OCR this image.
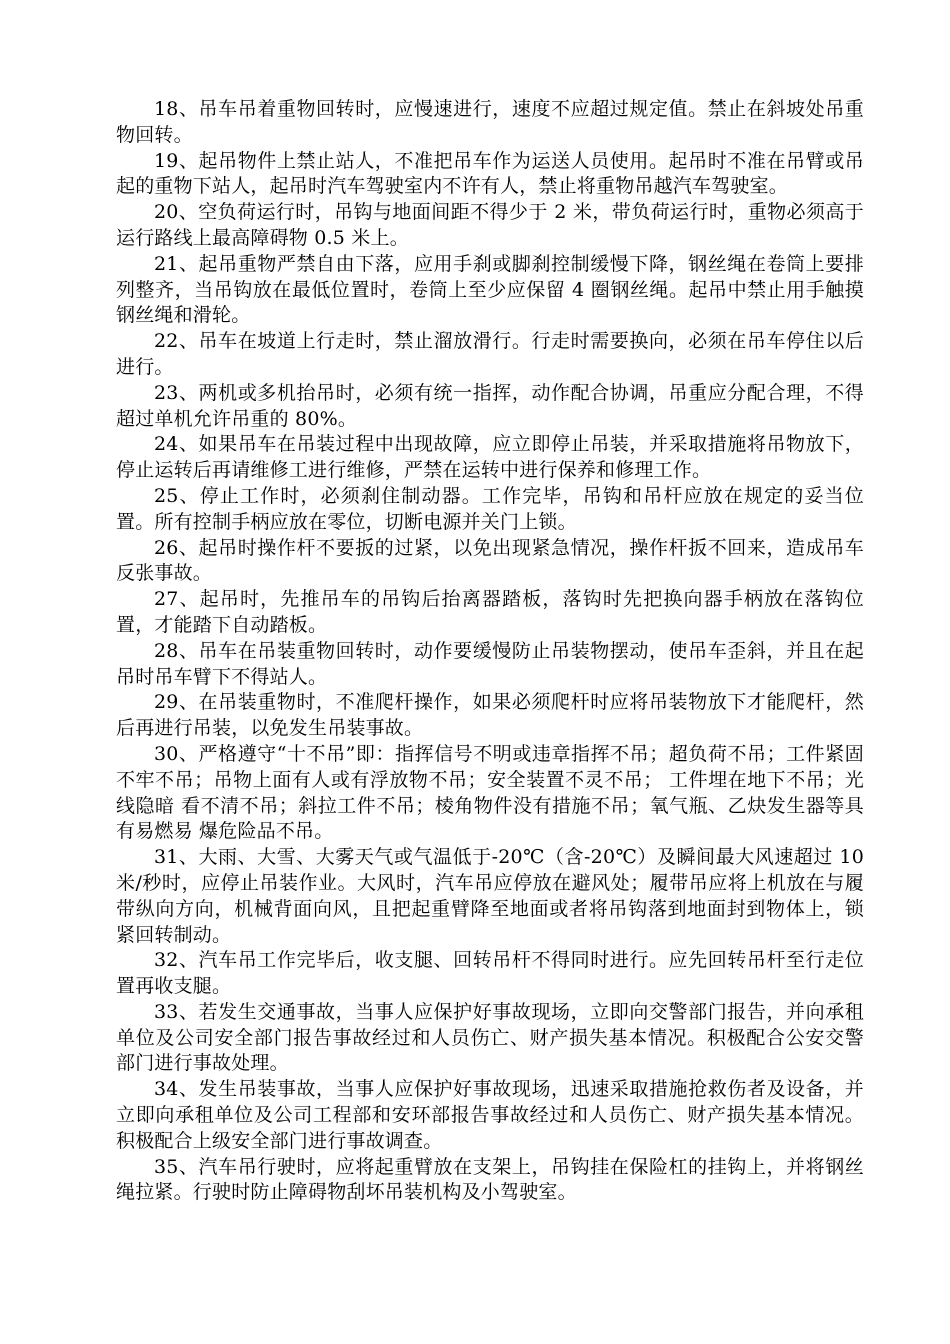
18、吊车吊着重物回转时，应慢速进行，速度不应超过规定值。禁止在斜坡处吊重物回转。

19、起吊物件上禁止站人，不准把吊车作为运送人员使用。起吊时不准在吊臂或吊起的重物下站人，起吊时汽车驾驶室内不许有人，禁止将重物吊越汽车驾驶室。

20、空负荷运行时，吊钩与地面间距不得少于 2 米，带负荷运行时，重物必须高于运行路线上最高障碍物 0.5 米上。

21、起吊重物严禁自由下落，应用手刹或脚刹控制缓慢下降，钢丝绳在卷筒上要排列整齐，当吊钩放在最低位置时，卷筒上至少应保留 4 圈钢丝绳。起吊中禁止用手触摸钢丝绳和滑轮。

22、吊车在坡道上行走时，禁止溜放滑行。行走时需要换向，必须在吊车停住以后进行。

23、两机或多机抬吊时，必须有统一指挥，动作配合协调，吊重应分配合理，不得超过单机允许吊重的 80%。

24、如果吊车在吊装过程中出现故障，应立即停止吊装，并采取措施将吊物放下，停止运转后再请维修工进行维修，严禁在运转中进行保养和修理工作。

25、停止工作时，必须刹住制动器。工作完毕，吊钩和吊杆应放在规定的妥当位置。所有控制手柄应放在零位，切断电源并关门上锁。

26、起吊时操作杆不要扳的过紧，以免出现紧急情况，操作杆扳不回来，造成吊车反张事故。

27、起吊时，先推吊车的吊钩后抬离器踏板，落钩时先把换向器手柄放在落钩位置，才能踏下自动踏板。

28、吊车在吊装重物回转时，动作要缓慢防止吊装物摆动，使吊车歪斜，并且在起吊时吊车臂下不得站人。

29、在吊装重物时，不准爬杆操作，如果必须爬杆时应将吊装物放下才能爬杆，然后再进行吊装，以免发生吊装事故。

30、严格遵守“十不吊”即：指挥信号不明或违章指挥不吊；超负荷不吊；工件紧固不牢不吊；吊物上面有人或有浮放物不吊；安全装置不灵不吊； 工件埋在地下不吊；光线隐暗 看不清不吊；斜拉工件不吊；棱角物件没有措施不吊；氧气瓶、乙炔发生器等具有易燃易 爆危险品不吊。

31、大雨、大雪、大雾天气或气温低于-20℃（含-20℃）及瞬间最大风速超过 10 米/秒时，应停止吊装作业。大风时，汽车吊应停放在避风处；履带吊应将上机放在与履带纵向方向，机械背面向风，且把起重臂降至地面或者将吊钩落到地面封到物体上，锁紧回转制动。

32、汽车吊工作完毕后，收支腿、回转吊杆不得同时进行。应先回转吊杆至行走位置再收支腿。

33、若发生交通事故，当事人应保护好事故现场，立即向交警部门报告，并向承租单位及公司安全部门报告事故经过和人员伤亡、财产损失基本情况。积极配合公安交警部门进行事故处理。

34、发生吊装事故，当事人应保护好事故现场，迅速采取措施抢救伤者及设备，并立即向承租单位及公司工程部和安环部报告事故经过和人员伤亡、财产损失基本情况。积极配合上级安全部门进行事故调查。

35、汽车吊行驶时，应将起重臂放在支架上，吊钩挂在保险杠的挂钩上，并将钢丝绳拉紧。行驶时防止障碍物刮坏吊装机构及小驾驶室。
